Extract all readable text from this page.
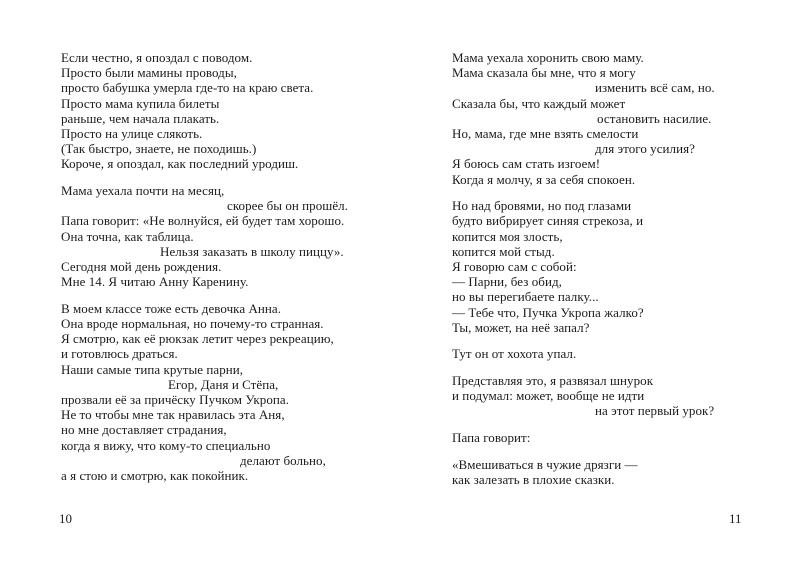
Если честно, я опоздал с поводом.
Просто были мамины проводы,
просто бабушка умерла где-то на краю света.
Просто мама купила билеты
раньше, чем начала плакать.
Просто на улице слякоть.
(Так быстро, знаете, не походишь.)
Короче, я опоздал, как последний уродиш.
Мама уехала почти на месяц,
скорее бы он прошёл.
Папа говорит: «Не волнуйся, ей будет там хорошо.
Она точна, как таблица.
Нельзя заказать в школу пиццу».
Сегодня мой день рождения.
Мне 14. Я читаю Анну Каренину.
В моем классе тоже есть девочка Анна.
Она вроде нормальная, но почему-то странная.
Я смотрю, как её рюкзак летит через рекреацию,
и готовлюсь драться.
Наши самые типа крутые парни,
Егор, Даня и Стёпа,
прозвали её за причёску Пучком Укропа.
Не то чтобы мне так нравилась эта Аня,
но мне доставляет страдания,
когда я вижу, что кому-то специально
делают больно,
а я стою и смотрю, как покойник.
10
Мама уехала хоронить свою маму.
Мама сказала бы мне, что я могу
изменить всё сам, но.
Сказала бы, что каждый может
остановить насилие.
Но, мама, где мне взять смелости
для этого усилия?
Я боюсь сам стать изгоем!
Когда я молчу, я за себя спокоен.
Но над бровями, но под глазами
будто вибрирует синяя стрекоза, и
копится моя злость,
копится мой стыд.
Я говорю сам с собой:
— Парни, без обид,
но вы перегибаете палку...
— Тебе что, Пучка Укропа жалко?
Ты, может, на неё запал?
Тут он от хохота упал.
Представляя это, я развязал шнурок
и подумал: может, вообще не идти
на этот первый урок?
Папа говорит:
«Вмешиваться в чужие дрязги —
как залезать в плохие сказки.
11
